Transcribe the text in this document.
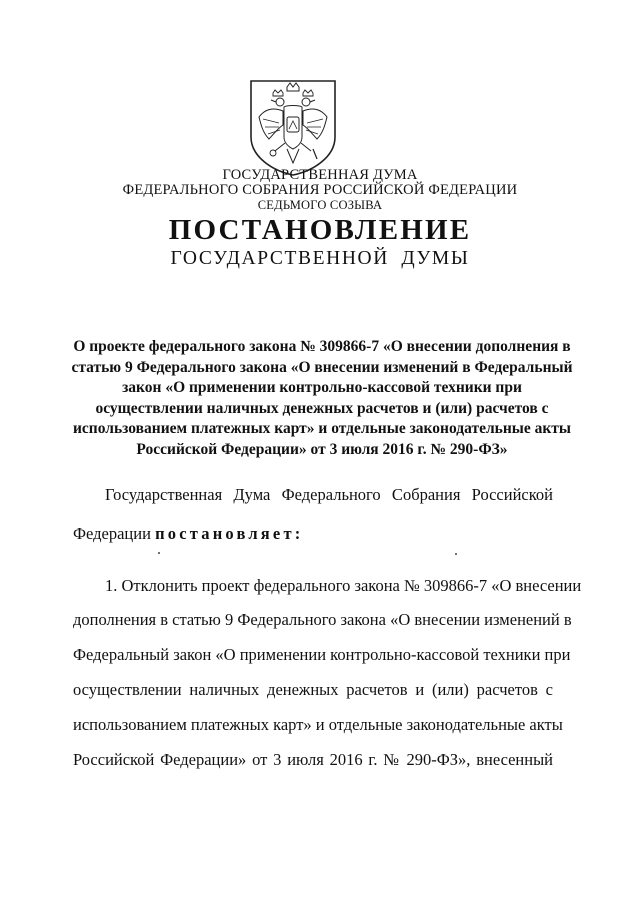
ГОСУДАРСТВЕННАЯ ДУМА
ФЕДЕРАЛЬНОГО СОБРАНИЯ РОССИЙСКОЙ ФЕДЕРАЦИИ
СЕДЬМОГО СОЗЫВА
ПОСТАНОВЛЕНИЕ
ГОСУДАРСТВЕННОЙ ДУМЫ
О проекте федерального закона № 309866-7 «О внесении дополнения в
статью 9 Федерального закона «О внесении изменений в Федеральный
закон «О применении контрольно-кассовой техники при
осуществлении наличных денежных расчетов и (или) расчетов с
использованием платежных карт» и отдельные законодательные акты
Российской Федерации» от 3 июля 2016 г. № 290-ФЗ»
Государственная Дума Федерального Собрания Российской
Федерации постановляет:
1. Отклонить проект федерального закона № 309866-7 «О внесении
дополнения в статью 9 Федерального закона «О внесении изменений в
Федеральный закон «О применении контрольно-кассовой техники при
осуществлении наличных денежных расчетов и (или) расчетов с
использованием платежных карт» и отдельные законодательные акты
Российской Федерации» от 3 июля 2016 г. № 290-ФЗ», внесенный
